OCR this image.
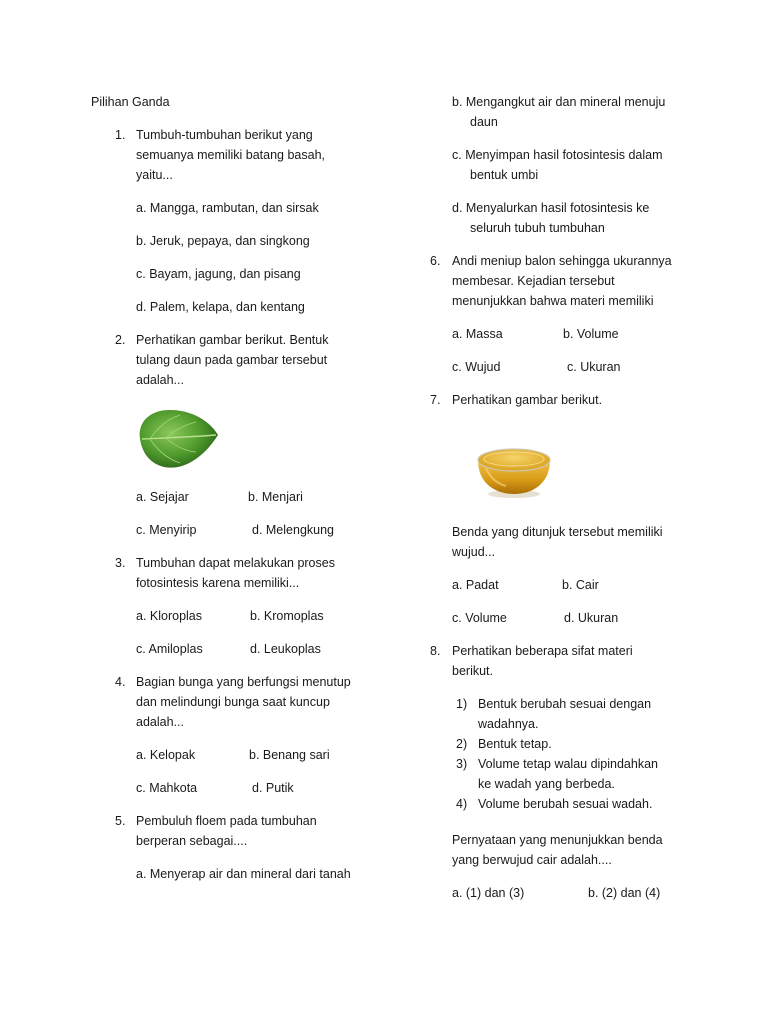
Pilihan Ganda
1. Tumbuh-tumbuhan berikut yang
semuanya memiliki batang basah,
yaitu...
a. Mangga, rambutan, dan sirsak
b. Jeruk, pepaya, dan singkong
c. Bayam, jagung, dan pisang
d. Palem, kelapa, dan kentang
2. Perhatikan gambar berikut. Bentuk
tulang daun pada gambar tersebut
adalah...
a. Sejajar	b. Menjari
c. Menyirip	d. Melengkung
3. Tumbuhan dapat melakukan proses
fotosintesis karena memiliki...
a. Kloroplas	b. Kromoplas
c. Amiloplas	d. Leukoplas
4. Bagian bunga yang berfungsi menutup
dan melindungi bunga saat kuncup
adalah...
a. Kelopak	b. Benang sari
c. Mahkota	d. Putik
5. Pembuluh floem pada tumbuhan
berperan sebagai....
a. Menyerap air dan mineral dari tanah
b. Mengangkut air dan mineral menuju
daun
c. Menyimpan hasil fotosintesis dalam
bentuk umbi
d. Menyalurkan hasil fotosintesis ke
seluruh tubuh tumbuhan
6. Andi meniup balon sehingga ukurannya
membesar. Kejadian tersebut
menunjukkan bahwa materi memiliki
a. Massa	b. Volume
c. Wujud	c. Ukuran
7. Perhatikan gambar berikut.
Benda yang ditunjuk tersebut memiliki
wujud...
a. Padat	b. Cair
c. Volume	d. Ukuran
8. Perhatikan beberapa sifat materi
berikut.
1) Bentuk berubah sesuai dengan
wadahnya.
2) Bentuk tetap.
3) Volume tetap walau dipindahkan
ke wadah yang berbeda.
4) Volume berubah sesuai wadah.
Pernyataan yang menunjukkan benda
yang berwujud cair adalah....
a. (1) dan (3)	b. (2) dan (4)
